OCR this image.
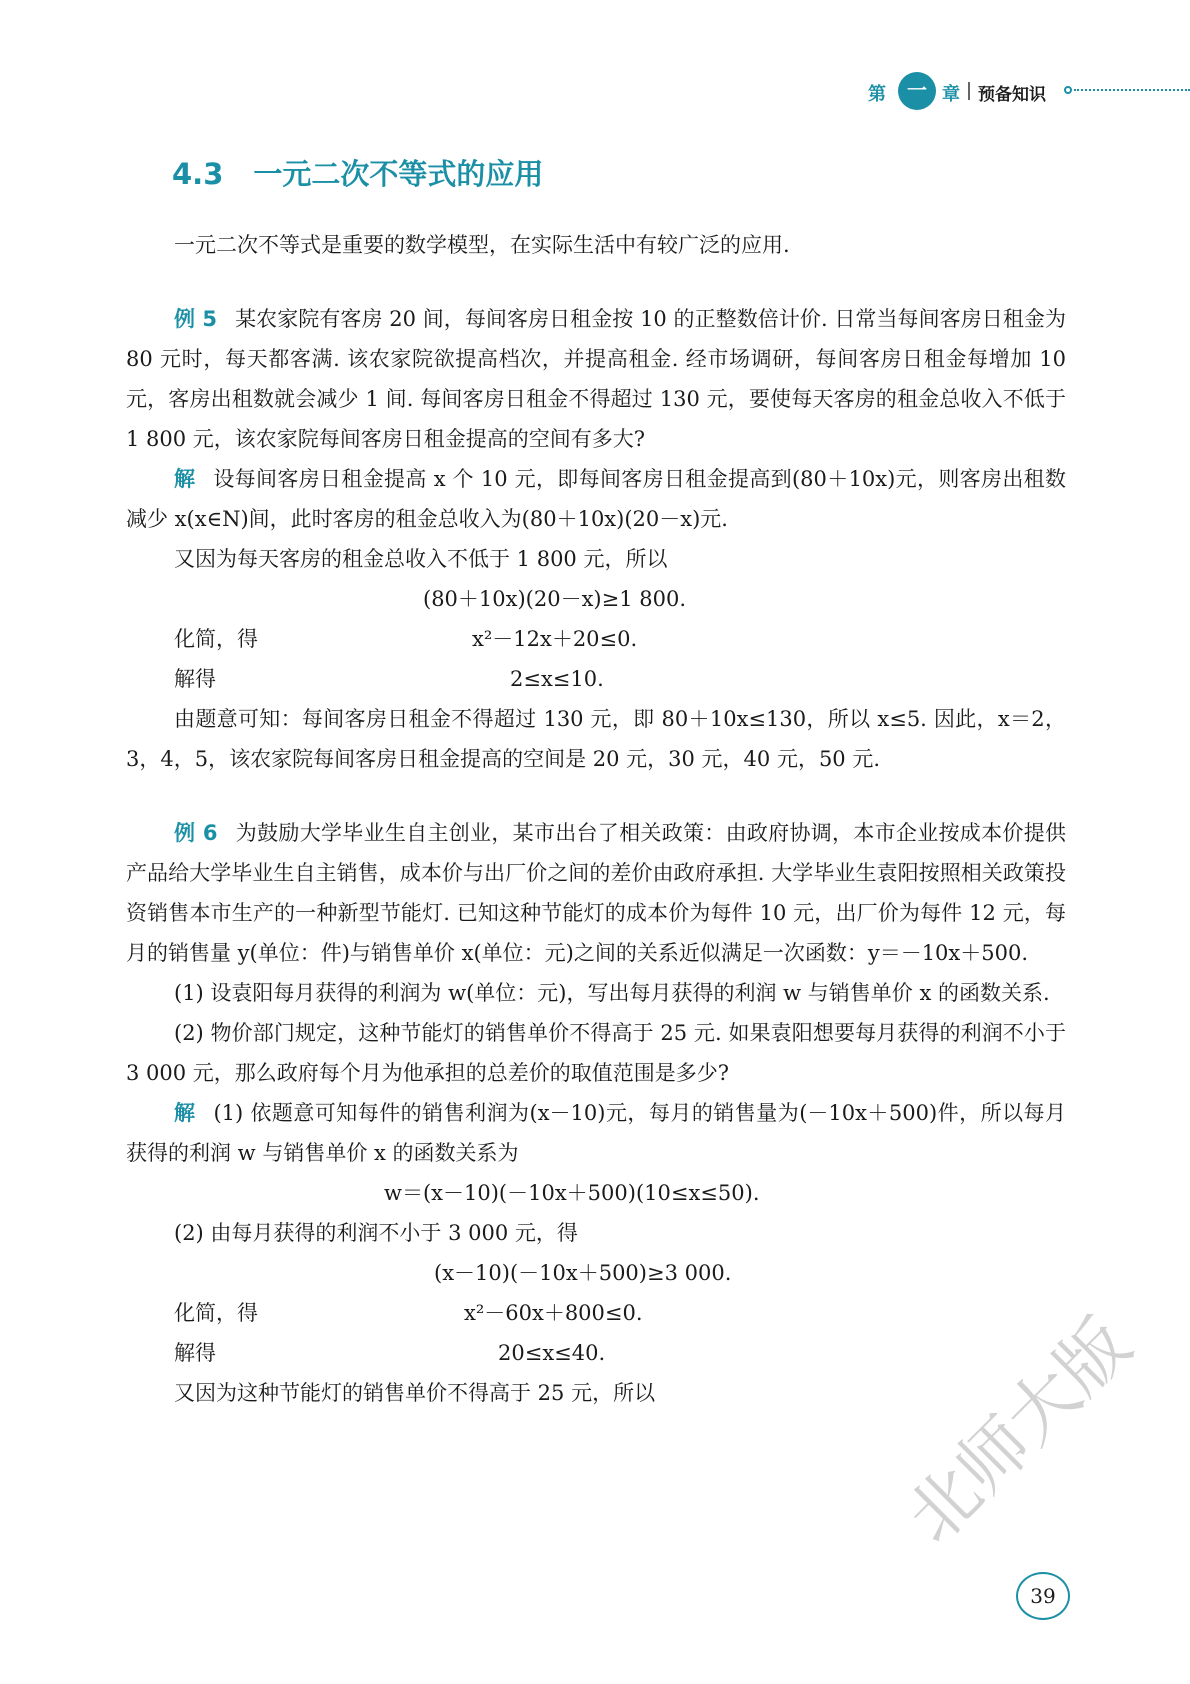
第	一 章 预备知识
4.3 一元二次不等式的应用

一元二次不等式是重要的数学模型，在实际生活中有较广泛的应用.

例 5 某农家院有客房 20 间，每间客房日租金按 10 的正整数倍计价. 日常当每间客房日租金为 80 元时，每天都客满. 该农家院欲提高档次，并提高租金. 经市场调研，每间客房日租金每增加 10 元，客房出租数就会减少 1 间. 每间客房日租金不得超过 130 元，要使每天客房的租金总收入不低于 1 800 元，该农家院每间客房日租金提高的空间有多大?

解 设每间客房日租金提高 x 个 10 元，即每间客房日租金提高到(80＋10x)元，则客房出租数减少 x(x∈N)间，此时客房的租金总收入为(80＋10x)(20－x)元.

又因为每天客房的租金总收入不低于 1 800 元，所以

(80＋10x)(20－x)≥1 800.
化简，得	x²－12x＋20≤0.
解得	2≤x≤10.

由题意可知：每间客房日租金不得超过 130 元，即 80＋10x≤130，所以 x≤5. 因此，x＝2，3，4，5，该农家院每间客房日租金提高的空间是 20 元，30 元，40 元，50 元.

例 6 为鼓励大学毕业生自主创业，某市出台了相关政策：由政府协调，本市企业按成本价提供产品给大学毕业生自主销售，成本价与出厂价之间的差价由政府承担. 大学毕业生袁阳按照相关政策投资销售本市生产的一种新型节能灯. 已知这种节能灯的成本价为每件 10 元，出厂价为每件 12 元，每月的销售量 y(单位：件)与销售单价 x(单位：元)之间的关系近似满足一次函数：y＝－10x＋500.

(1) 设袁阳每月获得的利润为 w(单位：元)，写出每月获得的利润 w 与销售单价 x 的函数关系.

(2) 物价部门规定，这种节能灯的销售单价不得高于 25 元. 如果袁阳想要每月获得的利润不小于 3 000 元，那么政府每个月为他承担的总差价的取值范围是多少?

解 (1) 依题意可知每件的销售利润为(x－10)元，每月的销售量为(－10x＋500)件，所以每月获得的利润 w 与销售单价 x 的函数关系为

w＝(x－10)(－10x＋500)(10≤x≤50).

(2) 由每月获得的利润不小于 3 000 元，得

(x－10)(－10x＋500)≥3 000.
化简，得	x²－60x＋800≤0.
解得	20≤x≤40.

又因为这种节能灯的销售单价不得高于 25 元，所以	北师大版
39
